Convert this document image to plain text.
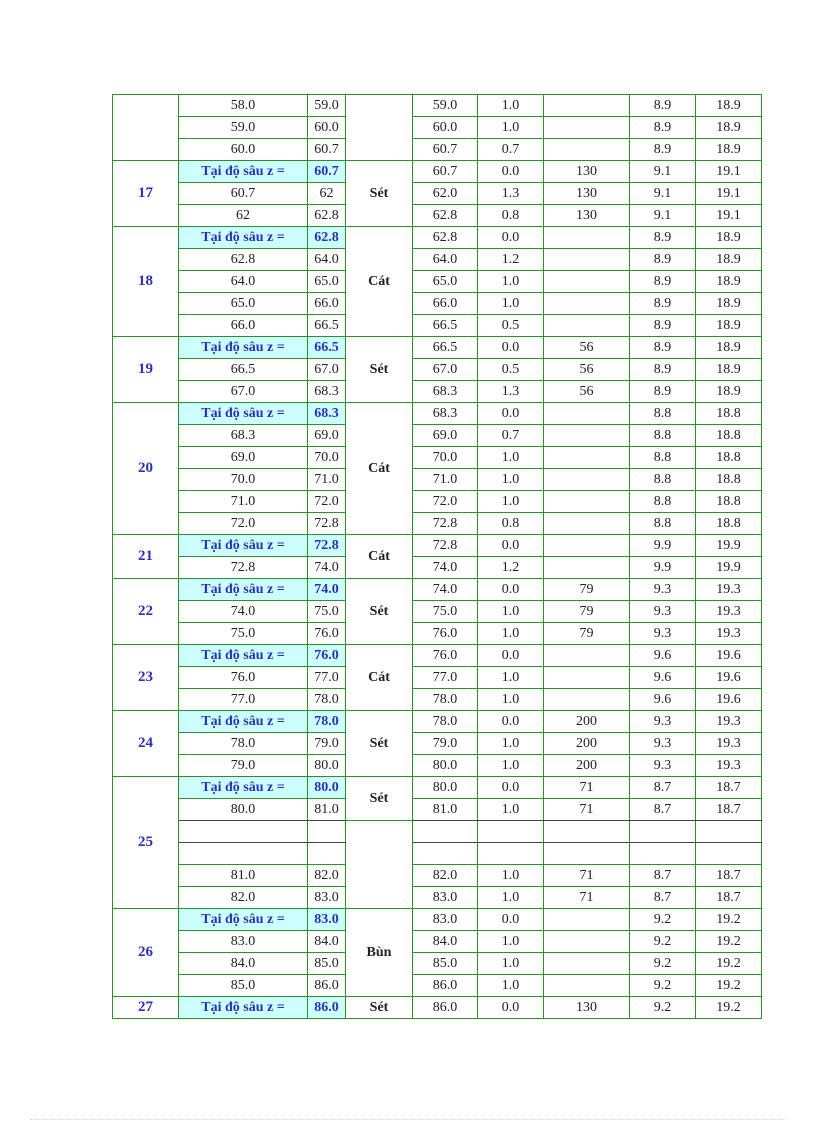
	58.0	59.0		59.0	1.0		8.9	18.9
	59.0	60.0		60.0	1.0		8.9	18.9
	60.0	60.7		60.7	0.7		8.9	18.9
17	Tại độ sâu z =	60.7	Sét	60.7	0.0	130	9.1	19.1
	60.7	62		62.0	1.3	130	9.1	19.1
	62	62.8		62.8	0.8	130	9.1	19.1
18	Tại độ sâu z =	62.8	Cát	62.8	0.0		8.9	18.9
	62.8	64.0		64.0	1.2		8.9	18.9
	64.0	65.0		65.0	1.0		8.9	18.9
	65.0	66.0		66.0	1.0		8.9	18.9
	66.0	66.5		66.5	0.5		8.9	18.9
19	Tại độ sâu z =	66.5	Sét	66.5	0.0	56	8.9	18.9
	66.5	67.0		67.0	0.5	56	8.9	18.9
	67.0	68.3		68.3	1.3	56	8.9	18.9
20	Tại độ sâu z =	68.3	Cát	68.3	0.0		8.8	18.8
	68.3	69.0		69.0	0.7		8.8	18.8
	69.0	70.0		70.0	1.0		8.8	18.8
	70.0	71.0		71.0	1.0		8.8	18.8
	71.0	72.0		72.0	1.0		8.8	18.8
	72.0	72.8		72.8	0.8		8.8	18.8
21	Tại độ sâu z =	72.8	Cát	72.8	0.0		9.9	19.9
	72.8	74.0		74.0	1.2		9.9	19.9
22	Tại độ sâu z =	74.0	Sét	74.0	0.0	79	9.3	19.3
	74.0	75.0		75.0	1.0	79	9.3	19.3
	75.0	76.0		76.0	1.0	79	9.3	19.3
23	Tại độ sâu z =	76.0	Cát	76.0	0.0		9.6	19.6
	76.0	77.0		77.0	1.0		9.6	19.6
	77.0	78.0		78.0	1.0		9.6	19.6
24	Tại độ sâu z =	78.0	Sét	78.0	0.0	200	9.3	19.3
	78.0	79.0		79.0	1.0	200	9.3	19.3
	79.0	80.0		80.0	1.0	200	9.3	19.3
25	Tại độ sâu z =	80.0	Sét	80.0	0.0	71	8.7	18.7
	80.0	81.0		81.0	1.0	71	8.7	18.7

	81.0	82.0		82.0	1.0	71	8.7	18.7
	82.0	83.0		83.0	1.0	71	8.7	18.7
26	Tại độ sâu z =	83.0	Bùn	83.0	0.0		9.2	19.2
	83.0	84.0		84.0	1.0		9.2	19.2
	84.0	85.0		85.0	1.0		9.2	19.2
	85.0	86.0		86.0	1.0		9.2	19.2
27	Tại độ sâu z =	86.0	Sét	86.0	0.0	130	9.2	19.2
